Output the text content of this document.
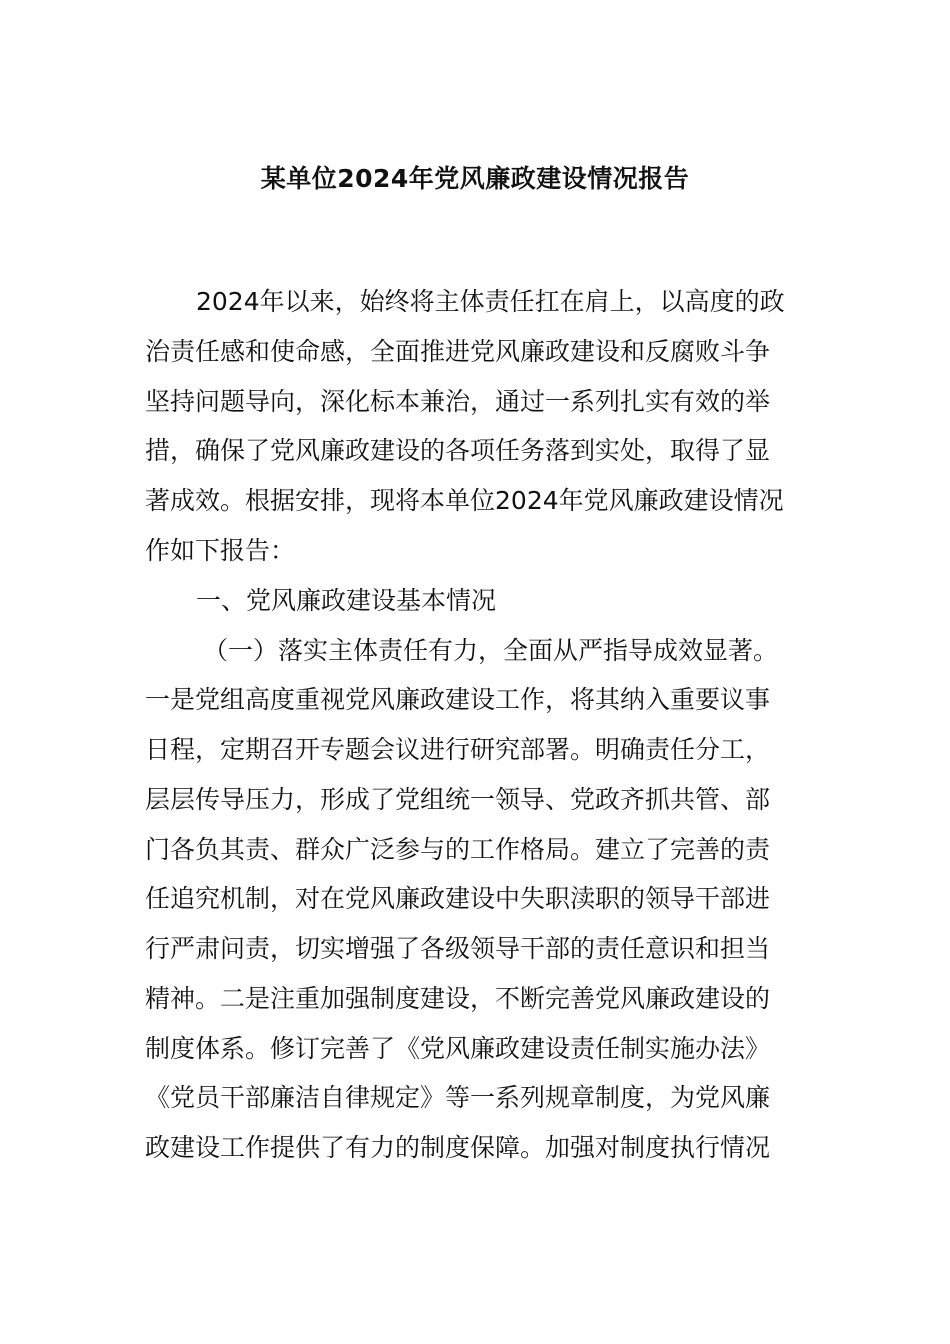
某单位2024年党风廉政建设情况报告
2024年以来，始终将主体责任扛在肩上，以高度的政
治责任感和使命感，全面推进党风廉政建设和反腐败斗争
坚持问题导向，深化标本兼治，通过一系列扎实有效的举
措，确保了党风廉政建设的各项任务落到实处，取得了显
著成效。根据安排，现将本单位2024年党风廉政建设情况
作如下报告：
一、党风廉政建设基本情况
（一）落实主体责任有力，全面从严指导成效显著。
一是党组高度重视党风廉政建设工作，将其纳入重要议事
日程，定期召开专题会议进行研究部署。明确责任分工，
层层传导压力，形成了党组统一领导、党政齐抓共管、部
门各负其责、群众广泛参与的工作格局。建立了完善的责
任追究机制，对在党风廉政建设中失职渎职的领导干部进
行严肃问责，切实增强了各级领导干部的责任意识和担当
精神。二是注重加强制度建设，不断完善党风廉政建设的
制度体系。修订完善了《党风廉政建设责任制实施办法》
《党员干部廉洁自律规定》等一系列规章制度，为党风廉
政建设工作提供了有力的制度保障。加强对制度执行情况
